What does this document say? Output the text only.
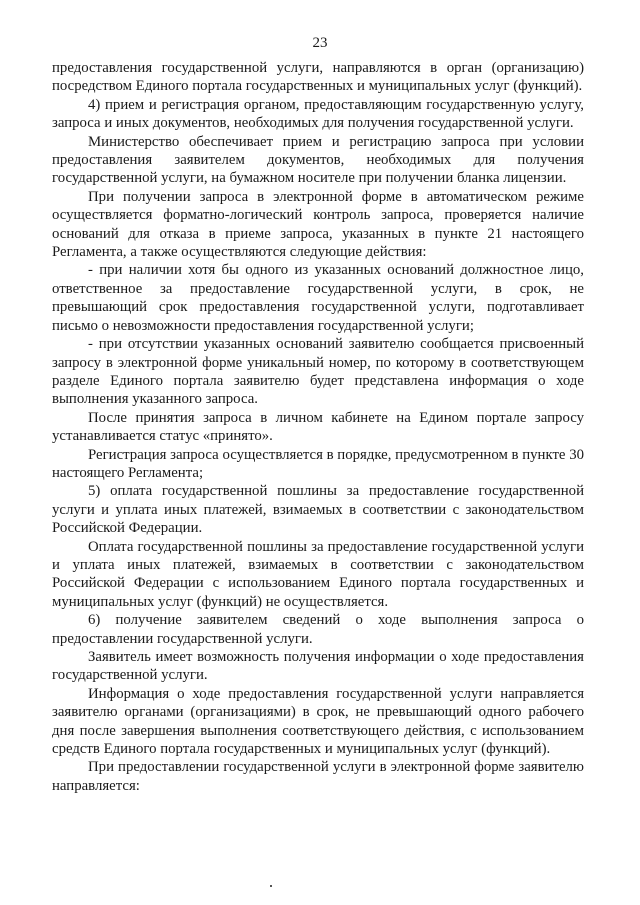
23

предоставления государственной услуги, направляются в орган (организацию) посредством Единого портала государственных и муниципальных услуг (функций).

4) прием и регистрация органом, предоставляющим государственную услугу, запроса и иных документов, необходимых для получения государственной услуги.

Министерство обеспечивает прием и регистрацию запроса при условии предоставления заявителем документов, необходимых для получения государственной услуги, на бумажном носителе при получении бланка лицензии.

При получении запроса в электронной форме в автоматическом режиме осуществляется форматно-логический контроль запроса, проверяется наличие оснований для отказа в приеме запроса, указанных в пункте 21 настоящего Регламента, а также осуществляются следующие действия:

- при наличии хотя бы одного из указанных оснований должностное лицо, ответственное за предоставление государственной услуги, в срок, не превышающий срок предоставления государственной услуги, подготавливает письмо о невозможности предоставления государственной услуги;

- при отсутствии указанных оснований заявителю сообщается присвоенный запросу в электронной форме уникальный номер, по которому в соответствующем разделе Единого портала заявителю будет представлена информация о ходе выполнения указанного запроса.

После принятия запроса в личном кабинете на Едином портале запросу устанавливается статус «принято».

Регистрация запроса осуществляется в порядке, предусмотренном в пункте 30 настоящего Регламента;

5) оплата государственной пошлины за предоставление государственной услуги и уплата иных платежей, взимаемых в соответствии с законодательством Российской Федерации.

Оплата государственной пошлины за предоставление государственной услуги и уплата иных платежей, взимаемых в соответствии с законодательством Российской Федерации с использованием Единого портала государственных и муниципальных услуг (функций) не осуществляется.

6) получение заявителем сведений о ходе выполнения запроса о предоставлении государственной услуги.

Заявитель имеет возможность получения информации о ходе предоставления государственной услуги.

Информация о ходе предоставления государственной услуги направляется заявителю органами (организациями) в срок, не превышающий одного рабочего дня после завершения выполнения соответствующего действия, с использованием средств Единого портала государственных и муниципальных услуг (функций).

При предоставлении государственной услуги в электронной форме заявителю направляется:
